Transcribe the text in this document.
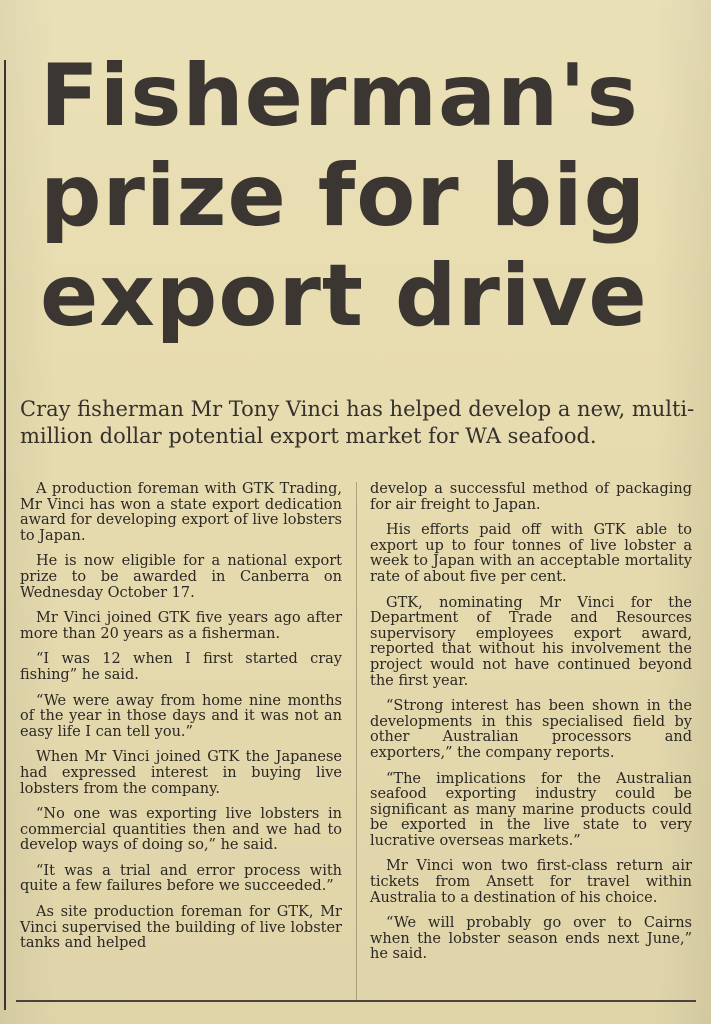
Fisherman's
prize for big
export drive

Cray fisherman Mr Tony Vinci has helped develop a new, multi-million dollar potential export market for WA seafood.

A production foreman with GTK Trading, Mr Vinci has won a state export dedication award for developing export of live lobsters to Japan.

He is now eligible for a national export prize to be awarded in Canberra on Wednesday October 17.

Mr Vinci joined GTK five years ago after more than 20 years as a fisherman.

“I was 12 when I first started cray fishing” he said.

“We were away from home nine months of the year in those days and it was not an easy life I can tell you.”

When Mr Vinci joined GTK the Japanese had expressed interest in buying live lobsters from the company.

“No one was exporting live lobsters in commercial quantities then and we had to develop ways of doing so,” he said.

“It was a trial and error process with quite a few failures before we succeeded.”

As site production foreman for GTK, Mr Vinci supervised the building of live lobster tanks and helped

develop a successful method of packaging for air freight to Japan.

His efforts paid off with GTK able to export up to four tonnes of live lobster a week to Japan with an acceptable mortality rate of about five per cent.

GTK, nominating Mr Vinci for the Department of Trade and Resources supervisory employees export award, reported that without his involvement the project would not have continued beyond the first year.

“Strong interest has been shown in the developments in this specialised field by other Australian processors and exporters,” the company reports.

“The implications for the Australian seafood exporting industry could be significant as many marine products could be exported in the live state to very lucrative overseas markets.”

Mr Vinci won two first-class return air tickets from Ansett for travel within Australia to a destination of his choice.

“We will probably go over to Cairns when the lobster season ends next June,” he said.
